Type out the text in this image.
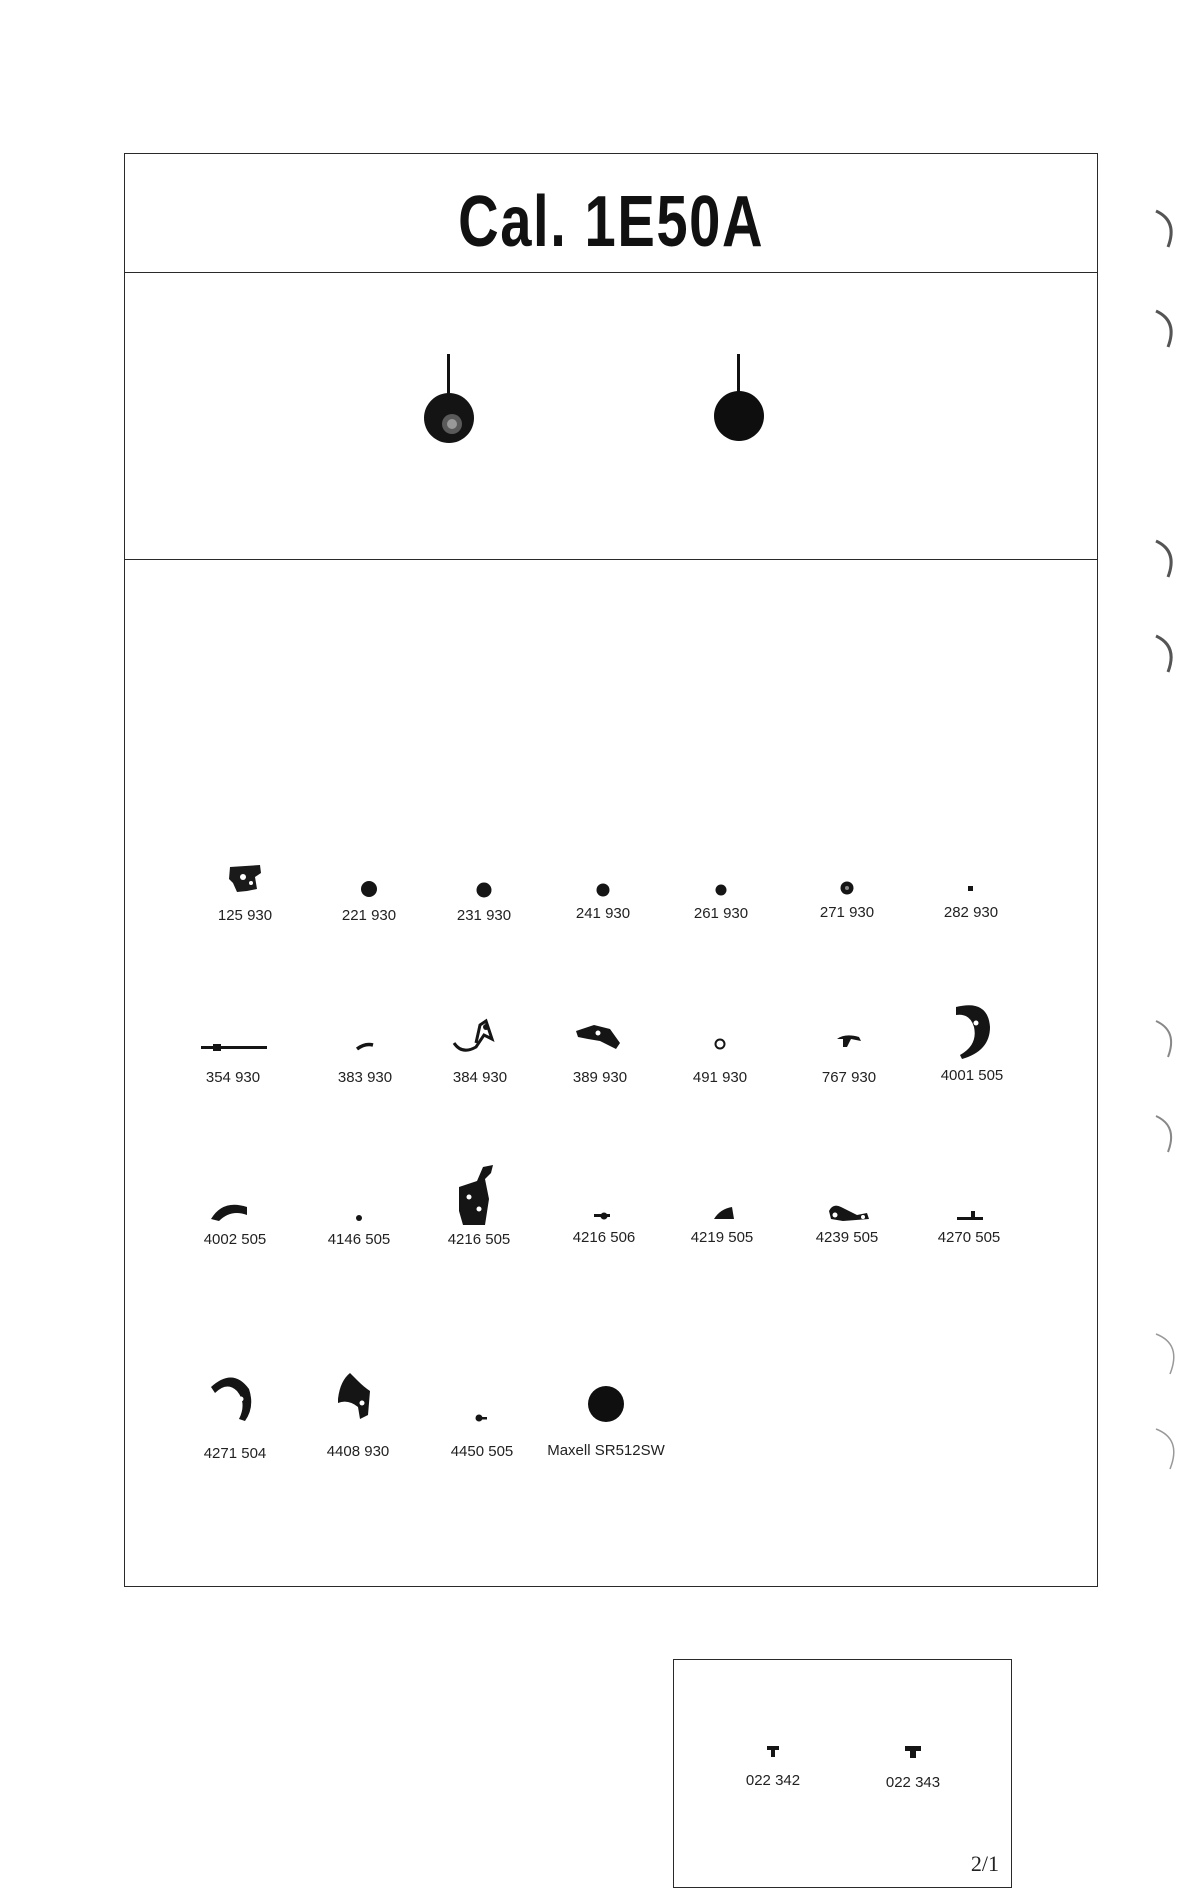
Cal. 1E50A
125 930	221 930	231 930	241 930	261 930	271 930	282 930
354 930	383 930	384 930	389 930	491 930	767 930	4001 505
4002 505	4146 505	4216 505	4216 506	4219 505	4239 505	4270 505
4271 504	4408 930	4450 505	Maxell SR512SW
022 342	022 343
2/1
